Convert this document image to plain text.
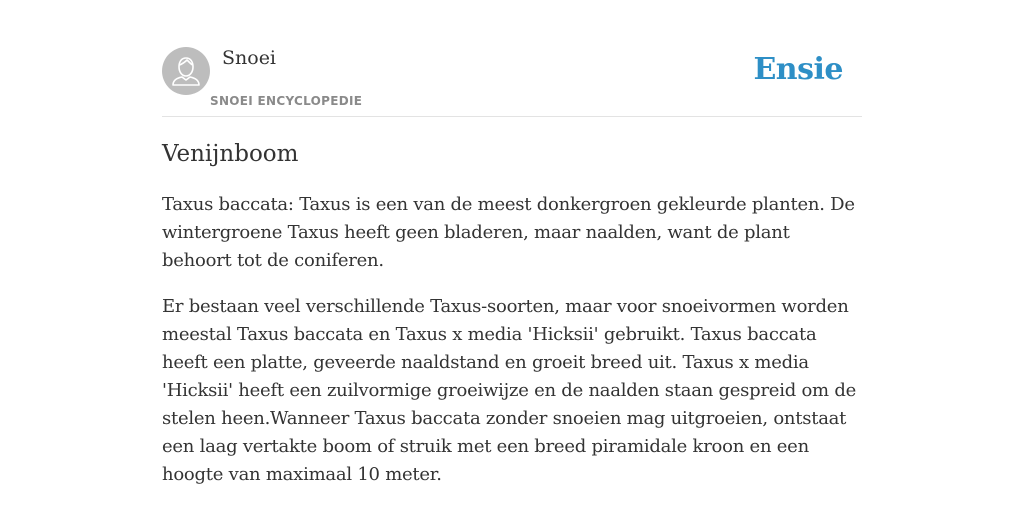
Snoei
SNOEI ENCYCLOPEDIE
Ensie
Venijnboom

Taxus baccata: Taxus is een van de meest donkergroen gekleurde planten. De wintergroene Taxus heeft geen bladeren, maar naalden, want de plant behoort tot de coniferen.

Er bestaan veel verschillende Taxus-soorten, maar voor snoeivormen worden meestal Taxus baccata en Taxus x media 'Hicksii' gebruikt. Taxus baccata heeft een platte, geveerde naaldstand en groeit breed uit. Taxus x media 'Hicksii' heeft een zuilvormige groeiwijze en de naalden staan gespreid om de stelen heen.Wanneer Taxus baccata zonder snoeien mag uitgroeien, ontstaat een laag vertakte boom of struik met een breed piramidale kroon en een hoogte van maximaal 10 meter.
